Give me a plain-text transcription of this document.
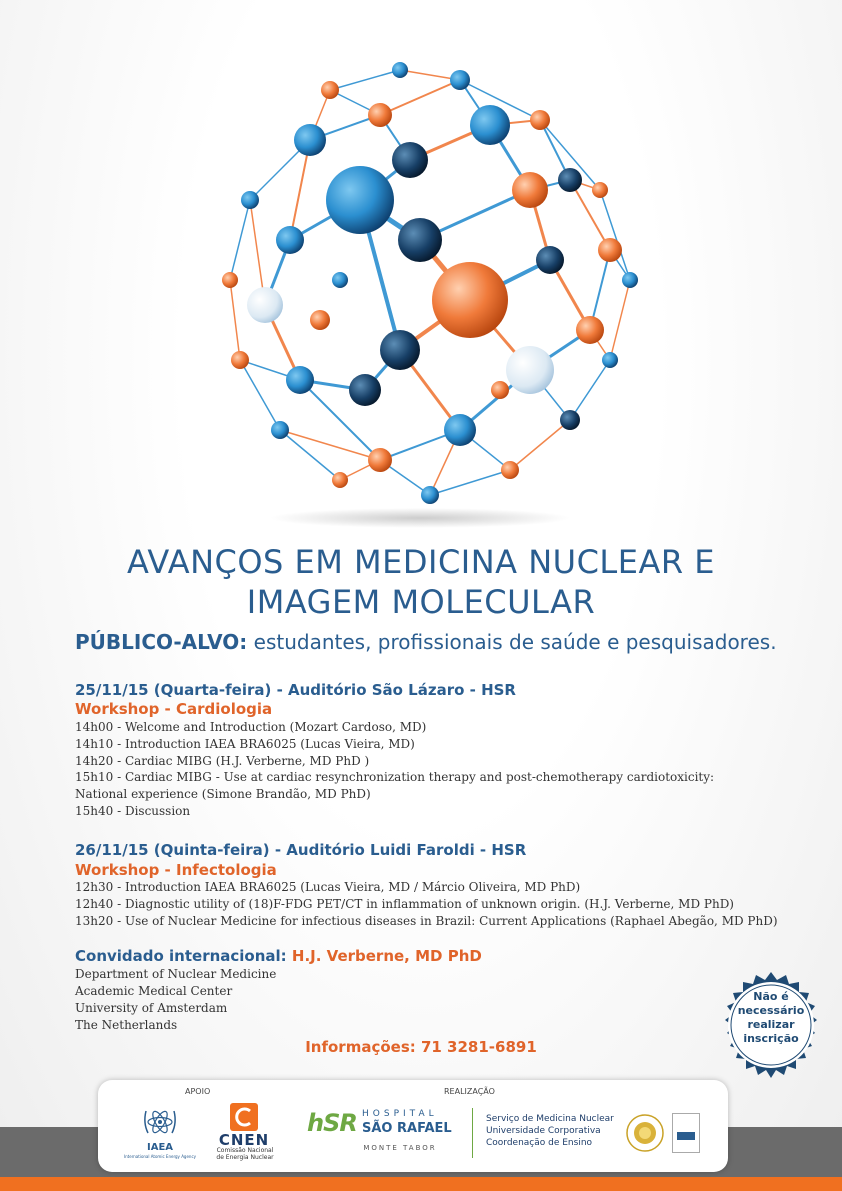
AVANÇOS EM MEDICINA NUCLEAR E
IMAGEM MOLECULAR
PÚBLICO-ALVO: estudantes, profissionais de saúde e pesquisadores.
25/11/15 (Quarta-feira) - Auditório São Lázaro - HSR
Workshop - Cardiologia
14h00 - Welcome and Introduction (Mozart Cardoso, MD)
14h10 - Introduction IAEA BRA6025 (Lucas Vieira, MD)
14h20 - Cardiac MIBG (H.J. Verberne, MD PhD )
15h10 - Cardiac MIBG - Use at cardiac resynchronization therapy and post-chemotherapy cardiotoxicity:
National experience (Simone Brandão, MD PhD)
15h40 - Discussion
26/11/15 (Quinta-feira) - Auditório Luidi Faroldi - HSR
Workshop - Infectologia
12h30 - Introduction IAEA BRA6025 (Lucas Vieira, MD / Márcio Oliveira, MD PhD)
12h40 - Diagnostic utility of (18)F-FDG PET/CT in inflammation of unknown origin. (H.J. Verberne, MD PhD)
13h20 - Use of Nuclear Medicine for infectious diseases in Brazil: Current Applications (Raphael Abegão, MD PhD)
Convidado internacional: H.J. Verberne, MD PhD
Department of Nuclear Medicine
Academic Medical Center
University of Amsterdam
The Netherlands
Informações: 71 3281-6891
Não é
necessário
realizar
inscrição
APOIO	REALIZAÇÃO
IAEA
International Atomic Energy Agency
CNEN
Comissão Nacional
de Energia Nuclear
hSR HOSPITAL
SÃO RAFAEL
MONTE TABOR
Serviço de Medicina Nuclear
Universidade Corporativa
Coordenação de Ensino
